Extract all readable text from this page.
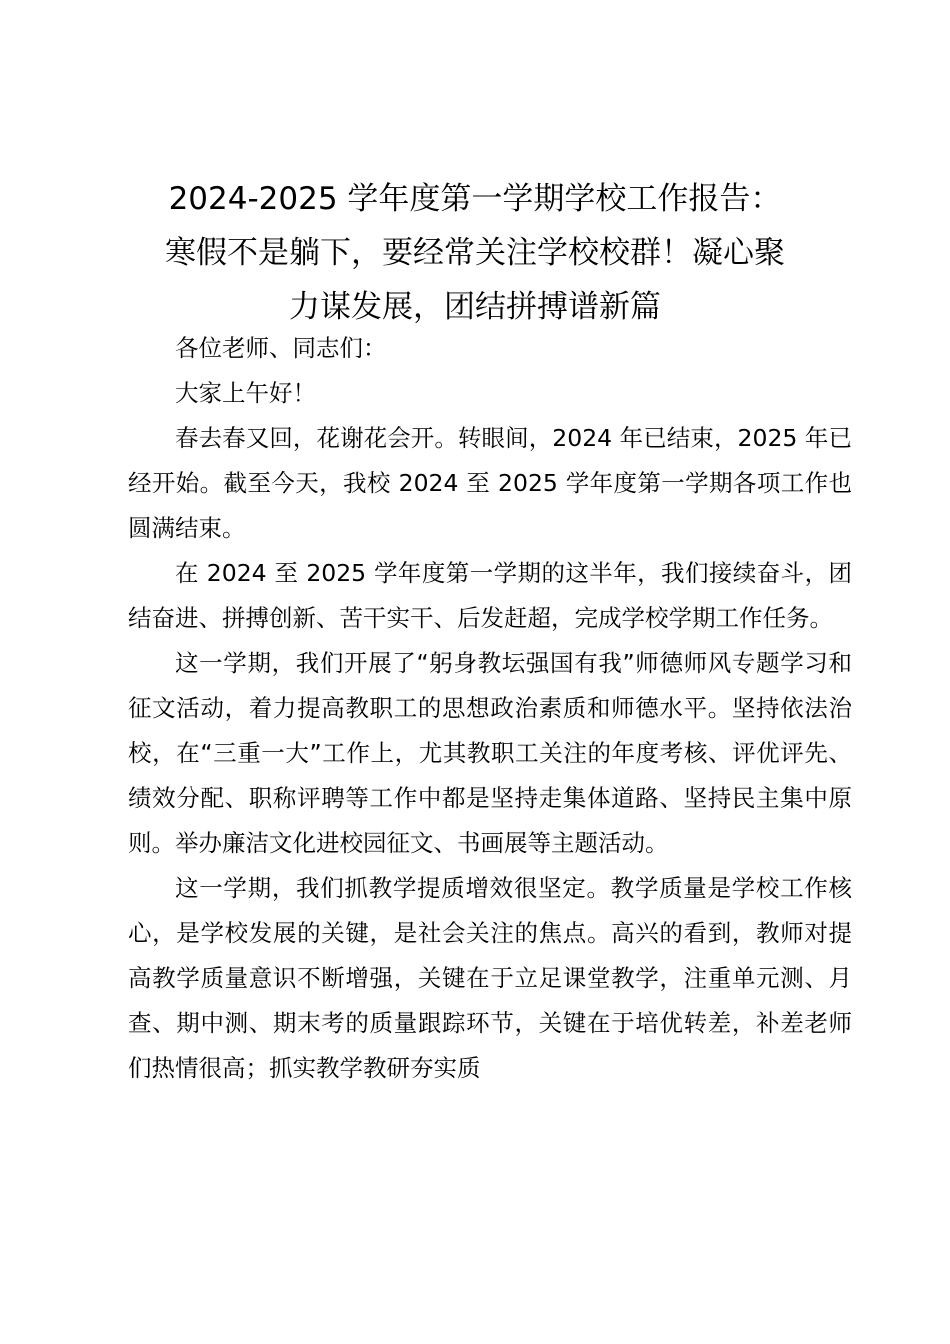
2024-2025 学年度第一学期学校工作报告：
寒假不是躺下，要经常关注学校校群！凝心聚
力谋发展，团结拼搏谱新篇

各位老师、同志们：

大家上午好！

春去春又回，花谢花会开。转眼间，2024 年已结束，2025 年已经开始。截至今天，我校 2024 至 2025 学年度第一学期各项工作也圆满结束。

在 2024 至 2025 学年度第一学期的这半年，我们接续奋斗，团结奋进、拼搏创新、苦干实干、后发赶超，完成学校学期工作任务。

这一学期，我们开展了“躬身教坛强国有我”师德师风专题学习和征文活动，着力提高教职工的思想政治素质和师德水平。坚持依法治校，在“三重一大”工作上，尤其教职工关注的年度考核、评优评先、绩效分配、职称评聘等工作中都是坚持走集体道路、坚持民主集中原则。举办廉洁文化进校园征文、书画展等主题活动。

这一学期，我们抓教学提质增效很坚定。教学质量是学校工作核心，是学校发展的关键，是社会关注的焦点。高兴的看到，教师对提高教学质量意识不断增强，关键在于立足课堂教学，注重单元测、月查、期中测、期末考的质量跟踪环节，关键在于培优转差，补差老师们热情很高；抓实教学教研夯实质
